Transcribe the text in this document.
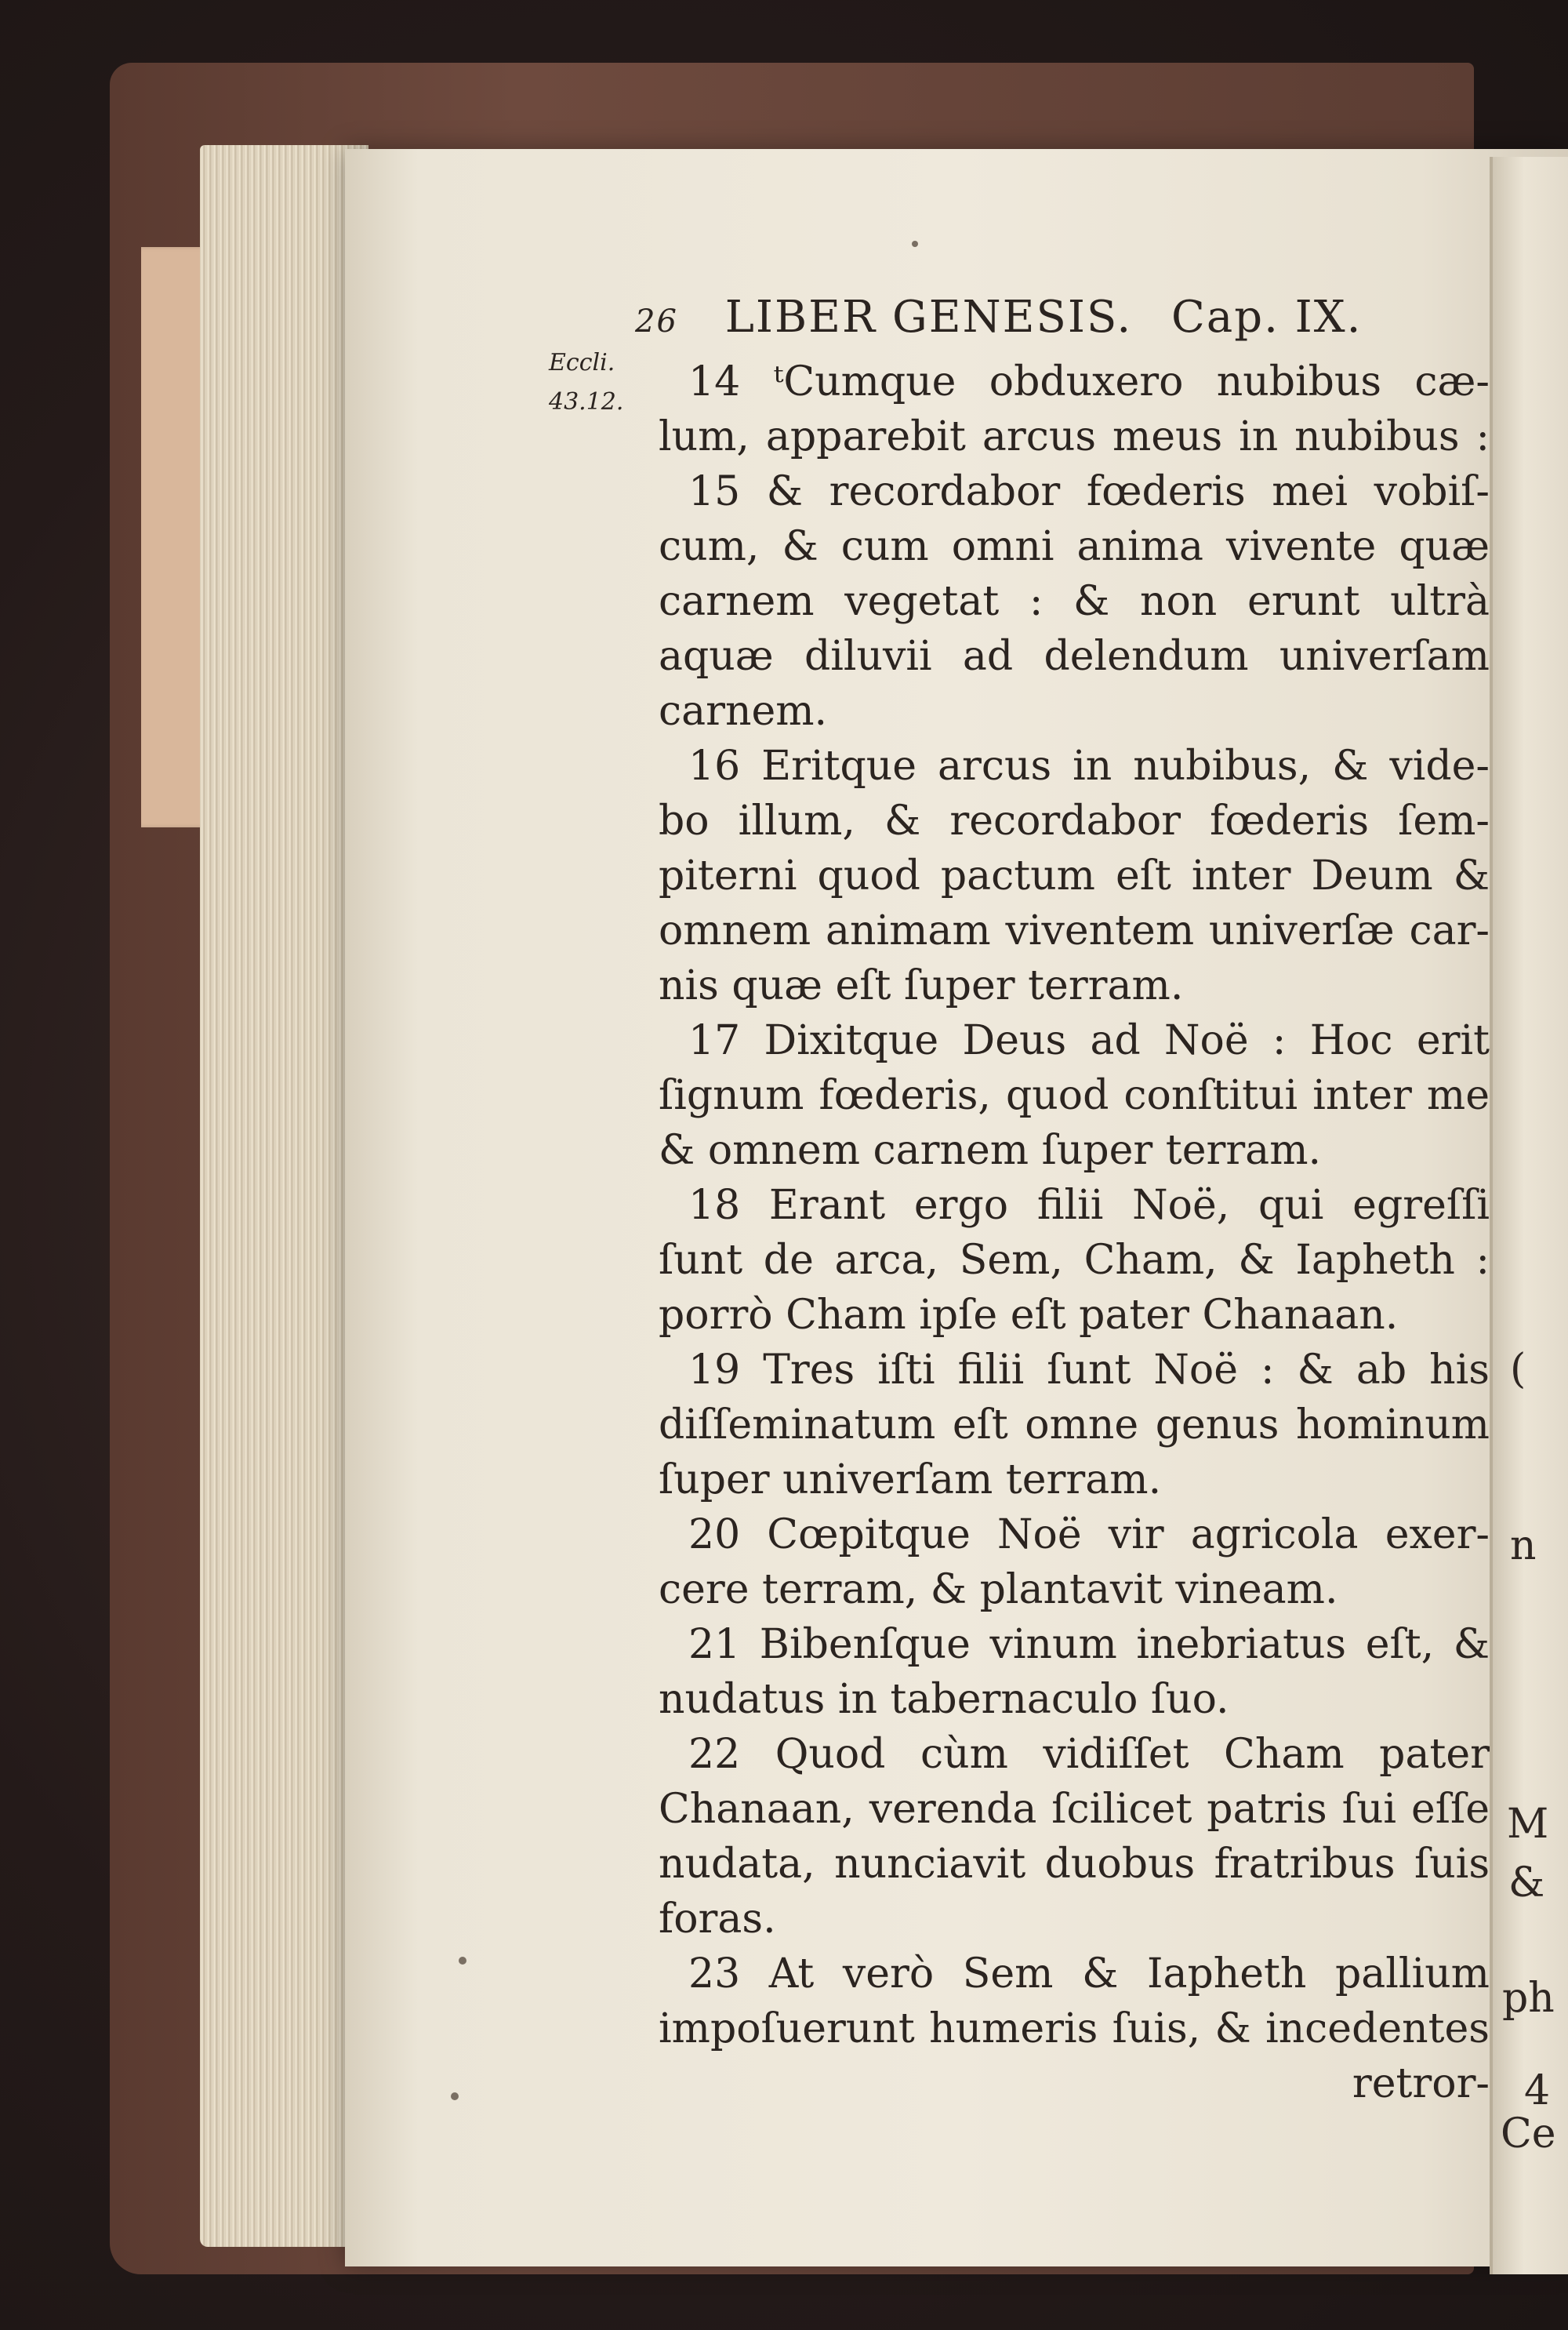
(
n
M
&
ph
4
Ce
26 LIBER GENESIS. Cap. IX.
Eccli.
43.12.	14 ᵗCumque obduxero nubibus cæ-
lum, apparebit arcus meus in nubibus :
15 & recordabor fœderis mei vobiſ-
cum, & cum omni anima vivente quæ
carnem vegetat : & non erunt ultrà
aquæ diluvii ad delendum univerſam
carnem.
16 Eritque arcus in nubibus, & vide-
bo illum, & recordabor fœderis ſem-
piterni quod pactum eſt inter Deum &
omnem animam viventem univerſæ car-
nis quæ eſt ſuper terram.
17 Dixitque Deus ad Noë : Hoc erit
ſignum fœderis, quod conſtitui inter me
& omnem carnem ſuper terram.
18 Erant ergo filii Noë, qui egreſſi
ſunt de arca, Sem, Cham, & Iapheth :
porrò Cham ipſe eſt pater Chanaan.
19 Tres iſti filii ſunt Noë : & ab his
diſſeminatum eſt omne genus hominum
ſuper univerſam terram.
20 Cœpitque Noë vir agricola exer-
cere terram, & plantavit vineam.
21 Bibenſque vinum inebriatus eſt, &
nudatus in tabernaculo ſuo.
22 Quod cùm vidiſſet Cham pater
Chanaan, verenda ſcilicet patris ſui eſſe
nudata, nunciavit duobus fratribus ſuis
foras.
23 At verò Sem & Iapheth pallium
impoſuerunt humeris ſuis, & incedentes
retror-
